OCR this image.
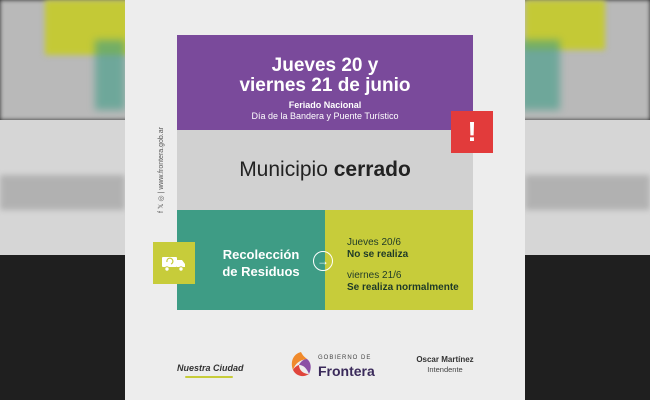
f 𝕏 ◎ | www.frontera.gob.ar
Jueves 20 y
viernes 21 de junio
Feriado Nacional
Día de la Bandera y Puente Turístico
Municipio cerrado
!
Recolección
de Residuos
Jueves 20/6
No se realiza
viernes 21/6
Se realiza normalmente
→
Nuestra Ciudad
GOBIERNO DE
Frontera
Oscar Martínez
Intendente
